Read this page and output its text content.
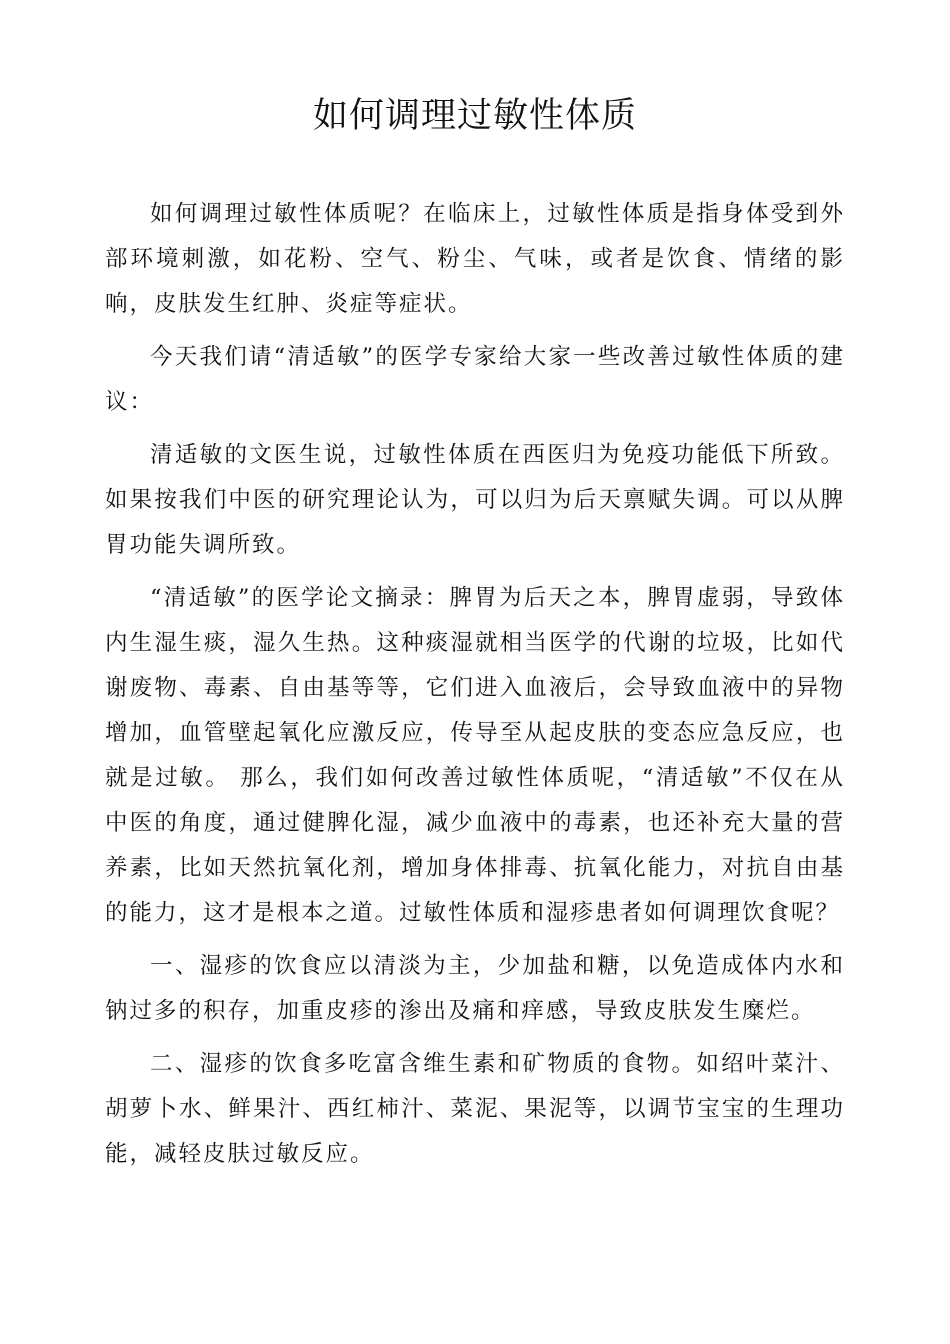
如何调理过敏性体质

如何调理过敏性体质呢？在临床上，过敏性体质是指身体受到外部环境刺激，如花粉、空气、粉尘、气味，或者是饮食、情绪的影响，皮肤发生红肿、炎症等症状。

今天我们请“清适敏”的医学专家给大家一些改善过敏性体质的建议：

清适敏的文医生说，过敏性体质在西医归为免疫功能低下所致。如果按我们中医的研究理论认为，可以归为后天禀赋失调。可以从脾胃功能失调所致。

“清适敏”的医学论文摘录：脾胃为后天之本，脾胃虚弱，导致体内生湿生痰，湿久生热。这种痰湿就相当医学的代谢的垃圾，比如代谢废物、毒素、自由基等等，它们进入血液后，会导致血液中的异物增加，血管壁起氧化应激反应，传导至从起皮肤的变态应急反应，也就是过敏。 那么，我们如何改善过敏性体质呢，“清适敏”不仅在从中医的角度，通过健脾化湿，减少血液中的毒素，也还补充大量的营养素，比如天然抗氧化剂，增加身体排毒、抗氧化能力，对抗自由基的能力，这才是根本之道。过敏性体质和湿疹患者如何调理饮食呢？

一、湿疹的饮食应以清淡为主，少加盐和糖，以免造成体内水和钠过多的积存，加重皮疹的渗出及痛和痒感，导致皮肤发生糜烂。

二、湿疹的饮食多吃富含维生素和矿物质的食物。如绍叶菜汁、胡萝卜水、鲜果汁、西红柿汁、菜泥、果泥等，以调节宝宝的生理功能，减轻皮肤过敏反应。
